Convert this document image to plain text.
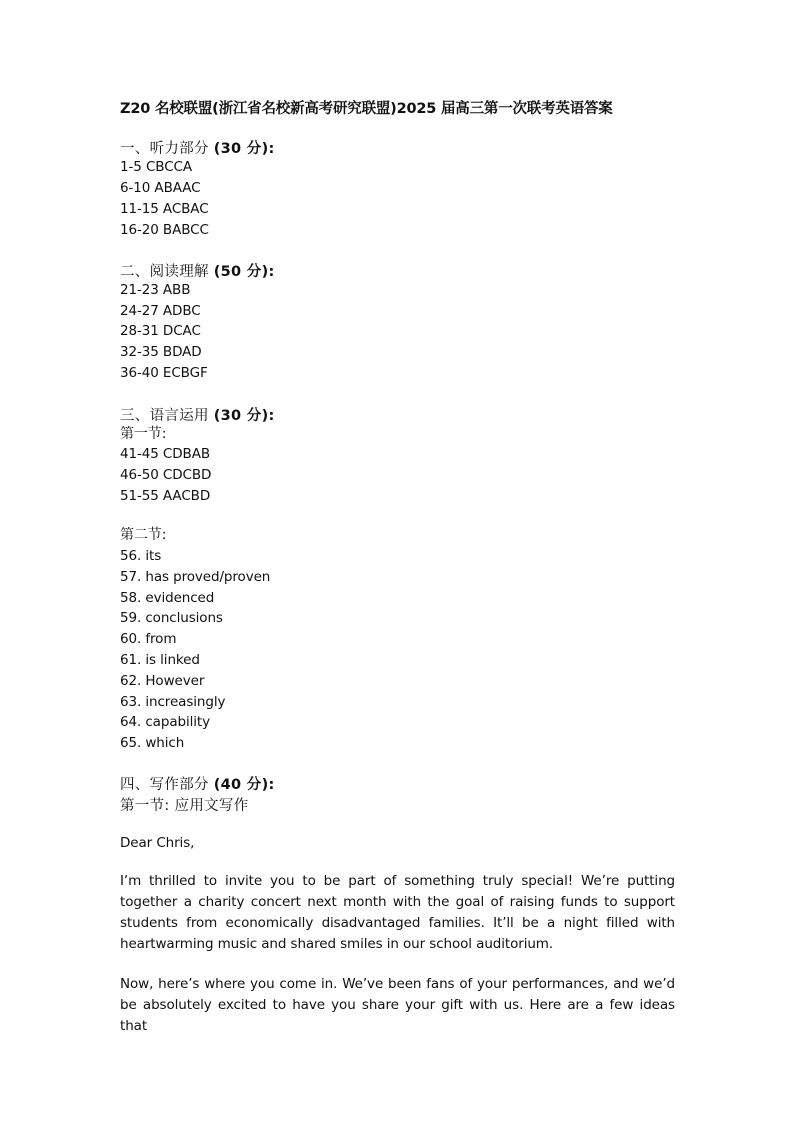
Z20 名校联盟(浙江省名校新高考研究联盟)2025 届高三第一次联考英语答案
一、听力部分 (30 分):
1-5 CBCCA
6-10 ABAAC
11-15 ACBAC
16-20 BABCC
二、阅读理解 (50 分):
21-23 ABB
24-27 ADBC
28-31 DCAC
32-35 BDAD
36-40 ECBGF
三、语言运用 (30 分):
第一节:
41-45 CDBAB
46-50 CDCBD
51-55 AACBD
第二节:
56. its
57. has proved/proven
58. evidenced
59. conclusions
60. from
61. is linked
62. However
63. increasingly
64. capability
65. which
四、写作部分 (40 分):
第一节: 应用文写作
Dear Chris,
I’m thrilled to invite you to be part of something truly special! We’re putting together a charity concert next month with the goal of raising funds to support students from economically disadvantaged families. It’ll be a night filled with heartwarming music and shared smiles in our school auditorium.
Now, here’s where you come in. We’ve been fans of your performances, and we’d be absolutely excited to have you share your gift with us. Here are a few ideas that
